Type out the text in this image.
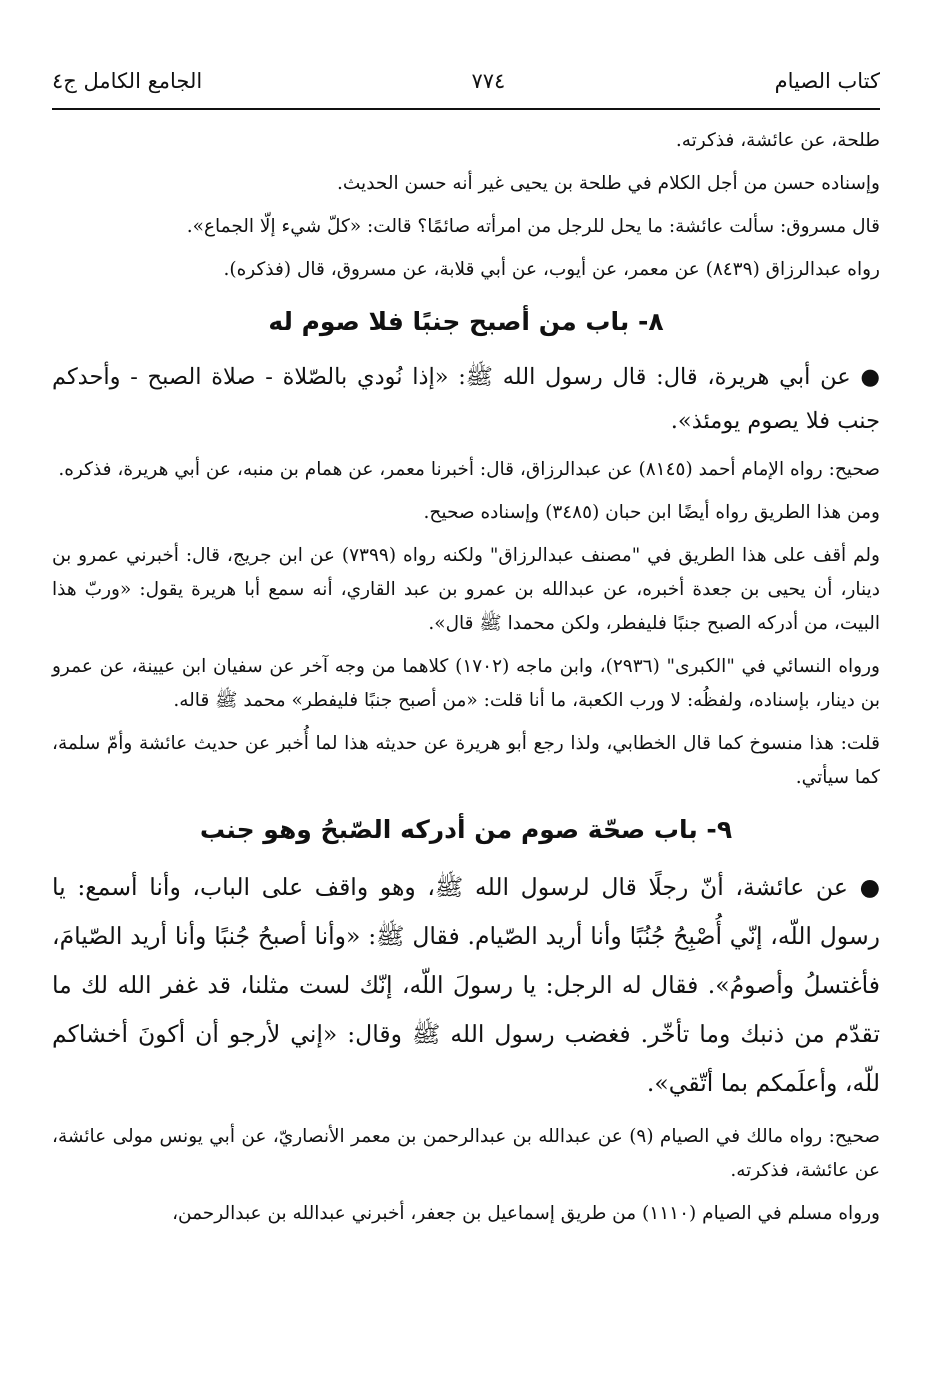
كتاب الصيام
٧٧٤
الجامع الكامل ج٤

طلحة، عن عائشة، فذكرته.

وإسناده حسن من أجل الكلام في طلحة بن يحيى غير أنه حسن الحديث.

قال مسروق: سألت عائشة: ما يحل للرجل من امرأته صائمًا؟ قالت: «كلّ شيء إلّا الجماع».

رواه عبدالرزاق (٨٤٣٩) عن معمر، عن أيوب، عن أبي قلابة، عن مسروق، قال (فذكره).

٨- باب من أصبح جنبًا فلا صوم له

● عن أبي هريرة، قال: قال رسول الله ﷺ: «إذا نُودي بالصّلاة - صلاة الصبح - وأحدكم جنب فلا يصوم يومئذ».

صحيح: رواه الإمام أحمد (٨١٤٥) عن عبدالرزاق، قال: أخبرنا معمر، عن همام بن منبه، عن أبي هريرة، فذكره.

ومن هذا الطريق رواه أيضًا ابن حبان (٣٤٨٥) وإسناده صحيح.

ولم أقف على هذا الطريق في "مصنف عبدالرزاق" ولكنه رواه (٧٣٩٩) عن ابن جريج، قال: أخبرني عمرو بن دينار، أن يحيى بن جعدة أخبره، عن عبدالله بن عمرو بن عبد القاري، أنه سمع أبا هريرة يقول: «وربّ هذا البيت، من أدركه الصبح جنبًا فليفطر، ولكن محمدا ﷺ قال».

ورواه النسائي في "الكبرى" (٢٩٣٦)، وابن ماجه (١٧٠٢) كلاهما من وجه آخر عن سفيان ابن عيينة، عن عمرو بن دينار، بإسناده، ولفظُه: لا ورب الكعبة، ما أنا قلت: «من أصبح جنبًا فليفطر» محمد ﷺ قاله.

قلت: هذا منسوخ كما قال الخطابي، ولذا رجع أبو هريرة عن حديثه هذا لما أُخبر عن حديث عائشة وأمّ سلمة، كما سيأتي.

٩- باب صحّة صوم من أدركه الصّبحُ وهو جنب

● عن عائشة، أنّ رجلًا قال لرسول الله ﷺ، وهو واقف على الباب، وأنا أسمع: يا رسول اللّه، إنّي أُصْبِحُ جُنُبًا وأنا أريد الصّيام. فقال ﷺ: «وأنا أصبحُ جُنبًا وأنا أريد الصّيامَ، فأغتسلُ وأصومُ». فقال له الرجل: يا رسولَ اللّه، إنّك لست مثلنا، قد غفر الله لك ما تقدّم من ذنبك وما تأخّر. فغضب رسول الله ﷺ وقال: «إني لأرجو أن أكونَ أخشاكم للّه، وأعلَمكم بما أتّقي».

صحيح: رواه مالك في الصيام (٩) عن عبدالله بن عبدالرحمن بن معمر الأنصاريّ، عن أبي يونس مولى عائشة، عن عائشة، فذكرته.

ورواه مسلم في الصيام (١١١٠) من طريق إسماعيل بن جعفر، أخبرني عبدالله بن عبدالرحمن،
